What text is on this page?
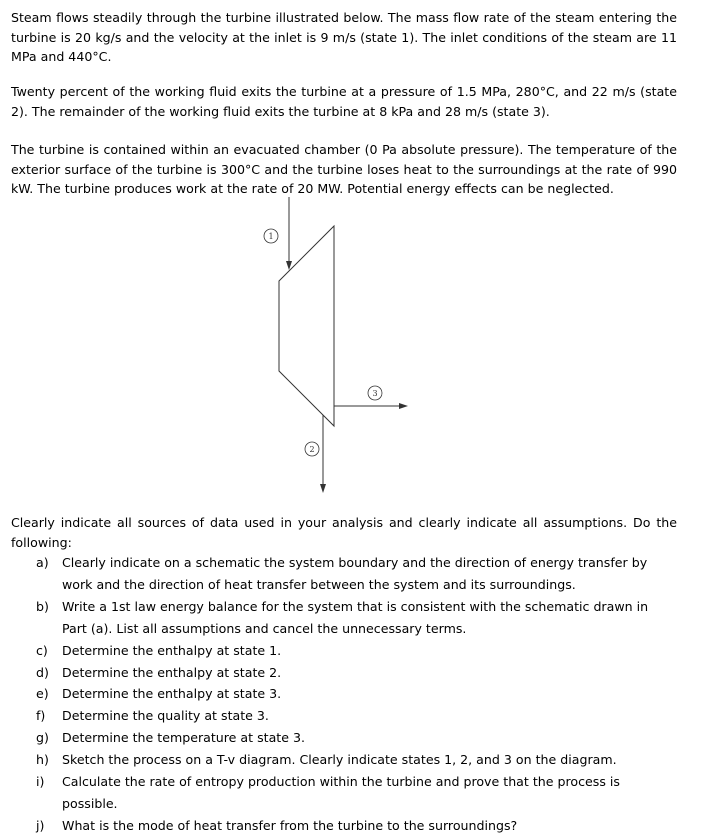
Steam flows steadily through the turbine illustrated below. The mass flow rate of the steam entering the turbine is 20 kg/s and the velocity at the inlet is 9 m/s (state 1). The inlet conditions of the steam are 11 MPa and 440°C.

Twenty percent of the working fluid exits the turbine at a pressure of 1.5 MPa, 280°C, and 22 m/s (state 2). The remainder of the working fluid exits the turbine at 8 kPa and 28 m/s (state 3).

The turbine is contained within an evacuated chamber (0 Pa absolute pressure). The temperature of the exterior surface of the turbine is 300°C and the turbine loses heat to the surroundings at the rate of 990 kW. The turbine produces work at the rate of 20 MW. Potential energy effects can be neglected.

1
3
2

Clearly indicate all sources of data used in your analysis and clearly indicate all assumptions. Do the following:

a)	Clearly indicate on a schematic the system boundary and the direction of energy transfer by work and the direction of heat transfer between the system and its surroundings.
b)	Write a 1st law energy balance for the system that is consistent with the schematic drawn in Part (a). List all assumptions and cancel the unnecessary terms.
c)	Determine the enthalpy at state 1.
d)	Determine the enthalpy at state 2.
e)	Determine the enthalpy at state 3.
f)	Determine the quality at state 3.
g)	Determine the temperature at state 3.
h)	Sketch the process on a T-v diagram. Clearly indicate states 1, 2, and 3 on the diagram.
i)	Calculate the rate of entropy production within the turbine and prove that the process is possible.
j)	What is the mode of heat transfer from the turbine to the surroundings?
